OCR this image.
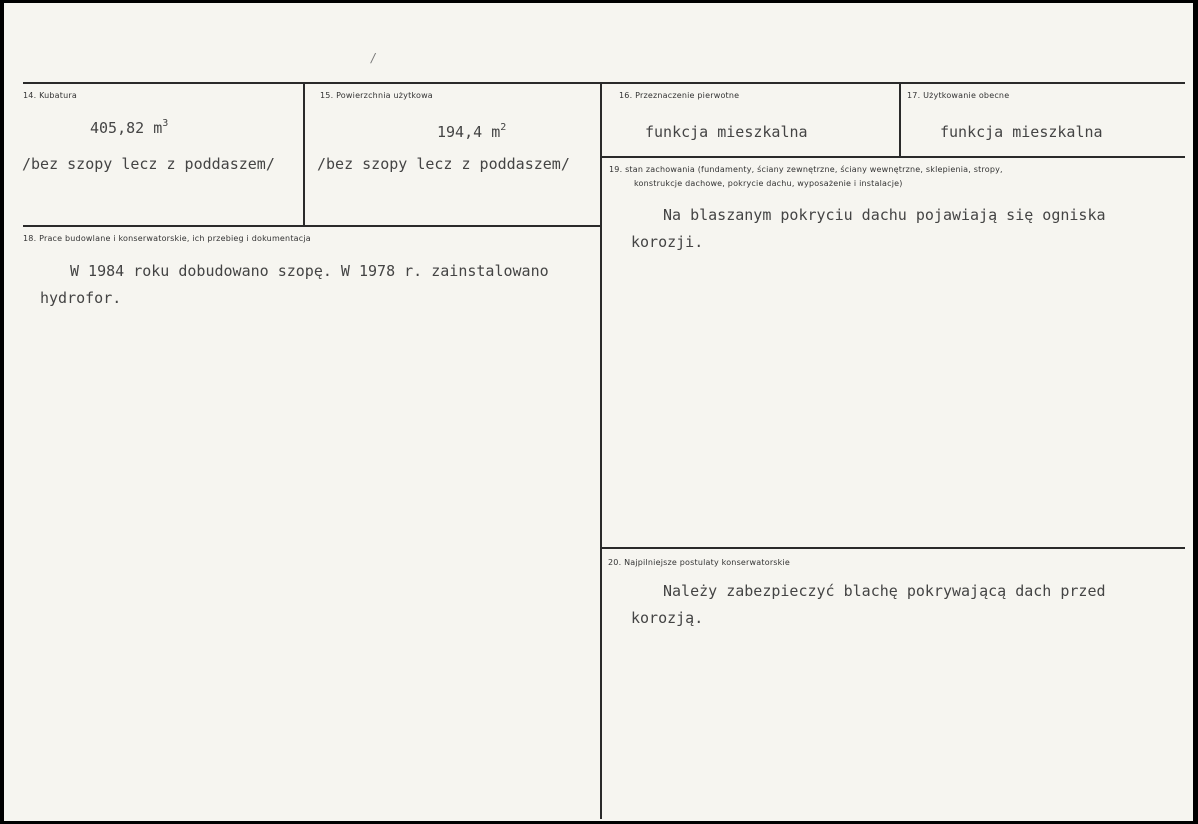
/
14. Kubatura
405,82 $m^3$
/bez szopy lecz z poddaszem/
15. Powierzchnia użytkowa
194,4 $m^2$
/bez szopy lecz z poddaszem/
16. Przeznaczenie pierwotne
funkcja mieszkalna
17. Użytkowanie obecne
funkcja mieszkalna
18. Prace budowlane i konserwatorskie, ich przebieg i dokumentacja
W 1984 roku dobudowano szopę. W 1978 r. zainstalowano
hydrofor.
19. stan zachowania (fundamenty, ściany zewnętrzne, ściany wewnętrzne, sklepienia, stropy,
konstrukcje dachowe, pokrycie dachu, wyposażenie i instalacje)
Na blaszanym pokryciu dachu pojawiają się ogniska
korozji.
20. Najpilniejsze postulaty konserwatorskie
Należy zabezpieczyć blachę pokrywającą dach przed
korozją.
